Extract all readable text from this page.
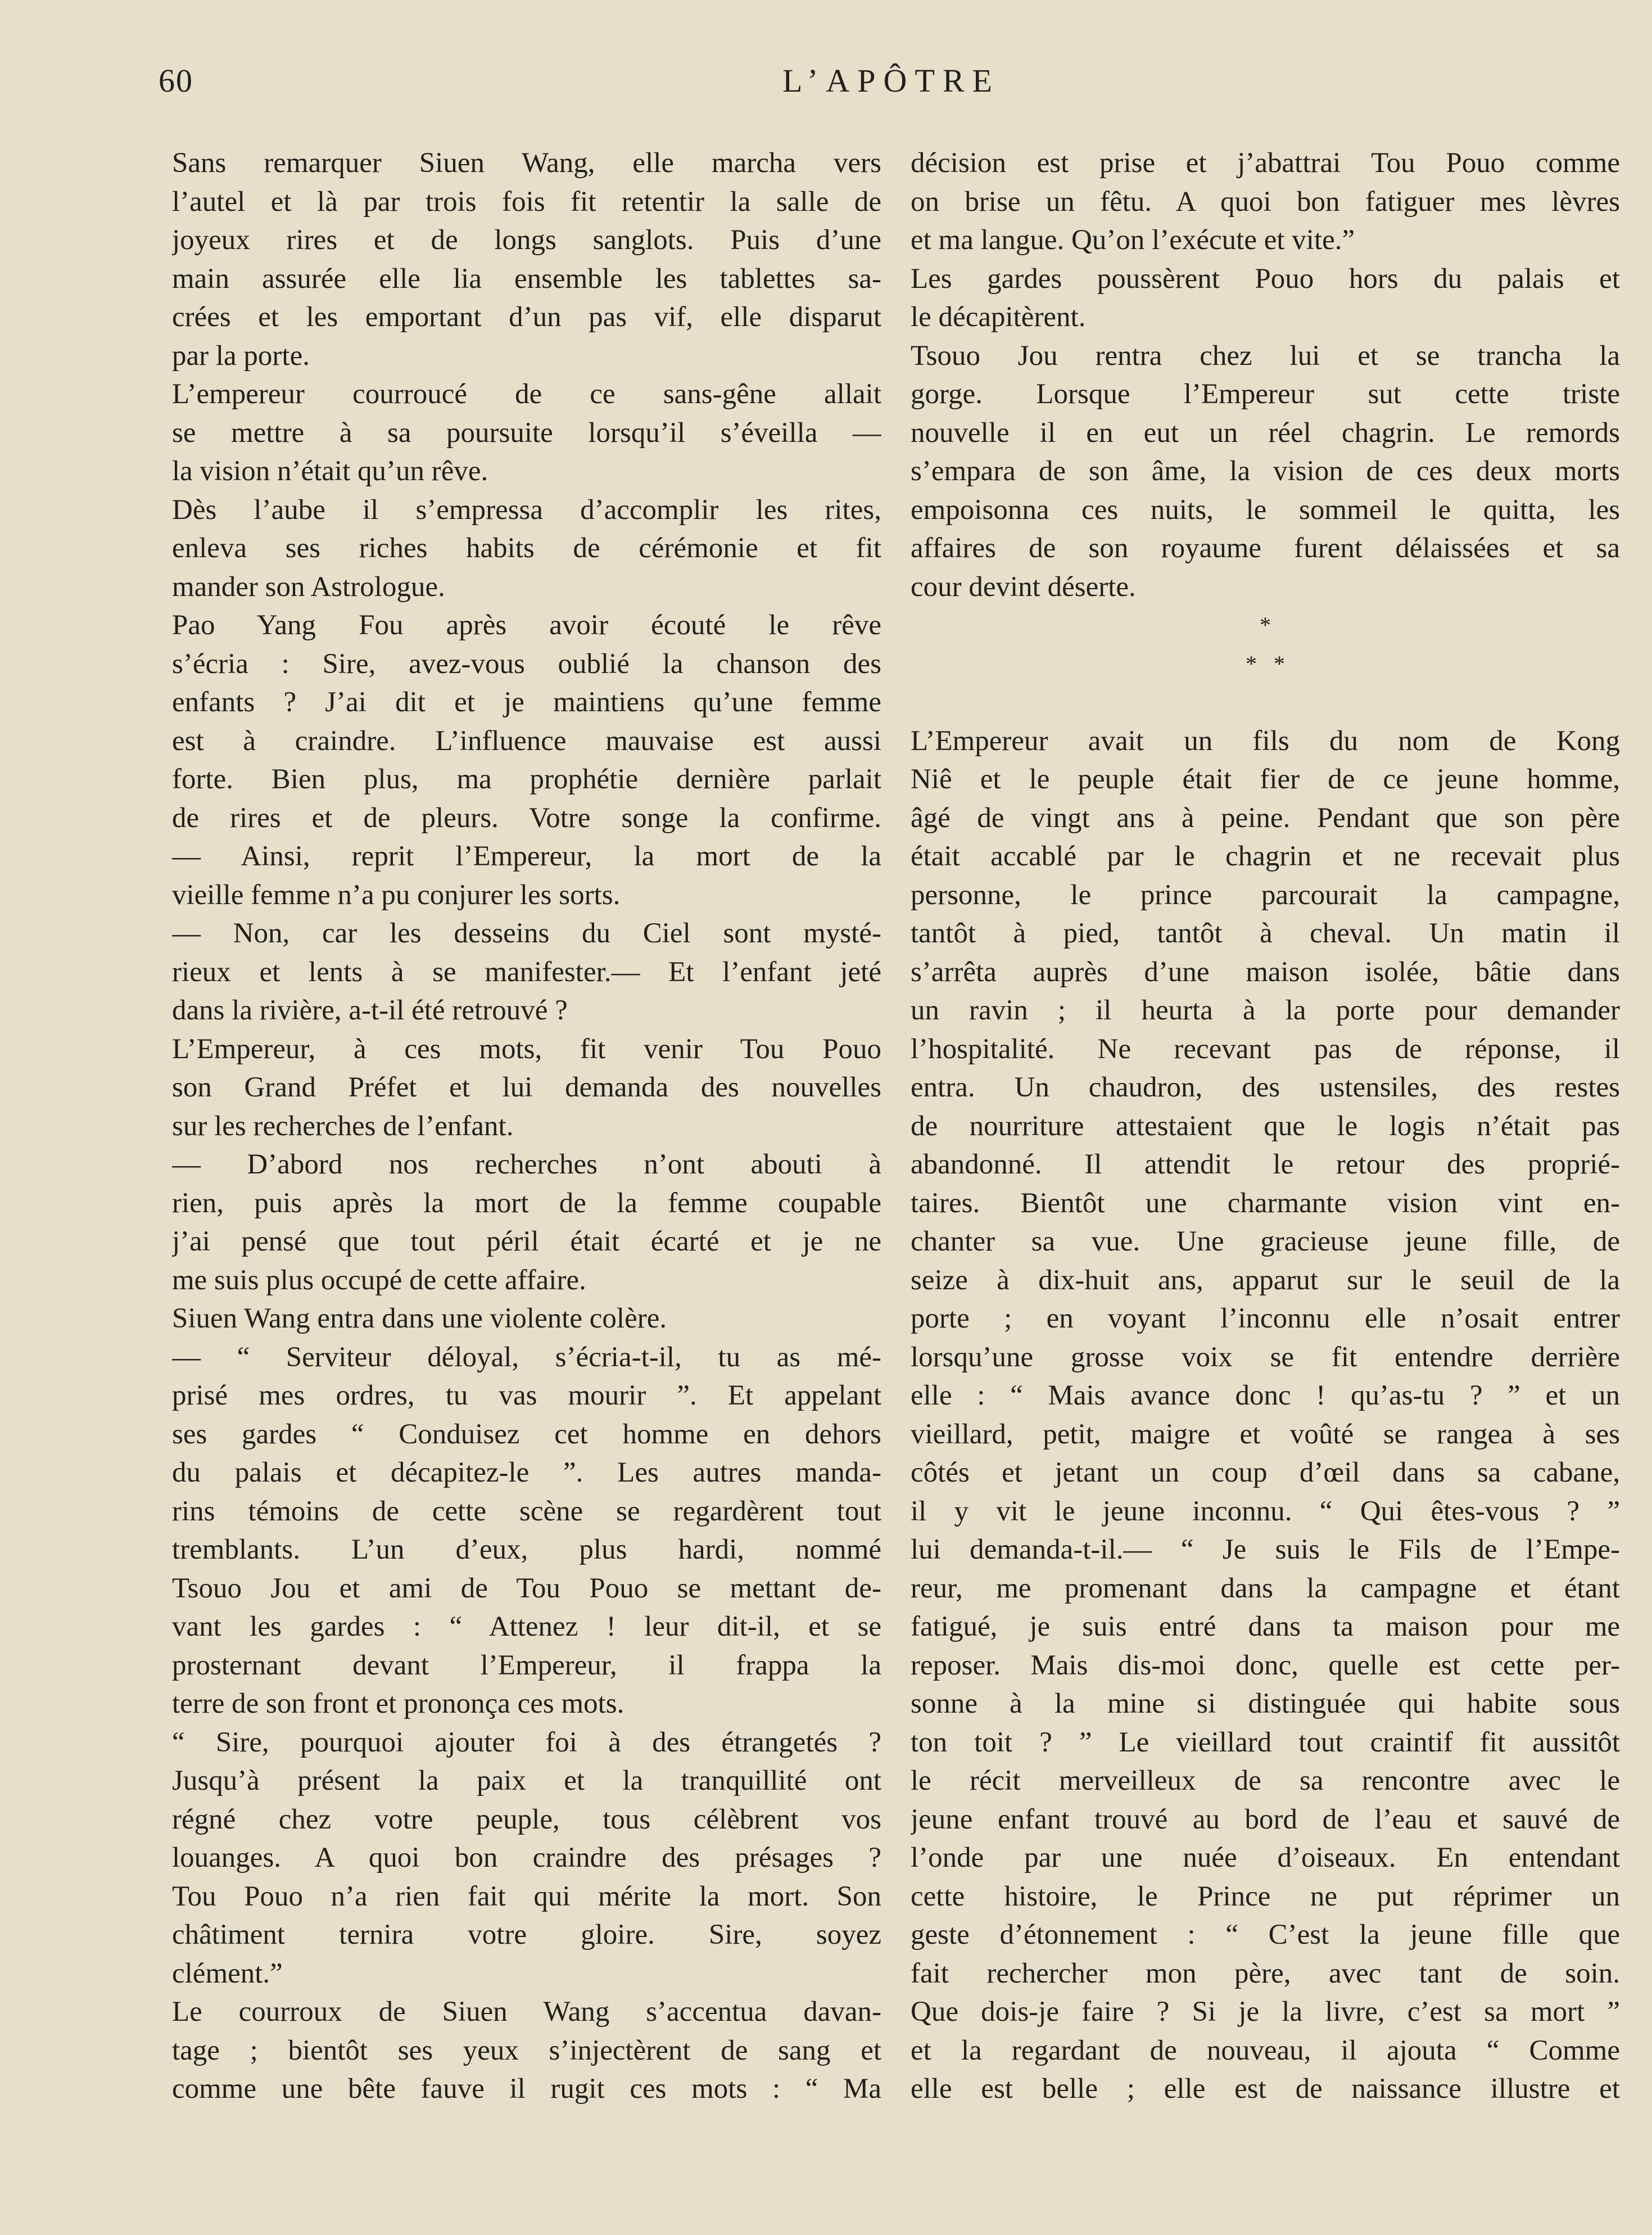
60	L’APÔTRE
Sans remarquer Siuen Wang, elle marcha vers
l’autel et là par trois fois fit retentir la salle de
joyeux rires et de longs sanglots. Puis d’une
main assurée elle lia ensemble les tablettes sa-
crées et les emportant d’un pas vif, elle disparut
par la porte.
L’empereur courroucé de ce sans-gêne allait
se mettre à sa poursuite lorsqu’il s’éveilla —
la vision n’était qu’un rêve.
Dès l’aube il s’empressa d’accomplir les rites,
enleva ses riches habits de cérémonie et fit
mander son Astrologue.
Pao Yang Fou après avoir écouté le rêve
s’écria : Sire, avez-vous oublié la chanson des
enfants ? J’ai dit et je maintiens qu’une femme
est à craindre. L’influence mauvaise est aussi
forte. Bien plus, ma prophétie dernière parlait
de rires et de pleurs. Votre songe la confirme.
— Ainsi, reprit l’Empereur, la mort de la
vieille femme n’a pu conjurer les sorts.
— Non, car les desseins du Ciel sont mysté-
rieux et lents à se manifester.— Et l’enfant jeté
dans la rivière, a-t-il été retrouvé ?
L’Empereur, à ces mots, fit venir Tou Pouo
son Grand Préfet et lui demanda des nouvelles
sur les recherches de l’enfant.
— D’abord nos recherches n’ont abouti à
rien, puis après la mort de la femme coupable
j’ai pensé que tout péril était écarté et je ne
me suis plus occupé de cette affaire.
Siuen Wang entra dans une violente colère.
— “ Serviteur déloyal, s’écria-t-il, tu as mé-
prisé mes ordres, tu vas mourir ”. Et appelant
ses gardes “ Conduisez cet homme en dehors
du palais et décapitez-le ”. Les autres manda-
rins témoins de cette scène se regardèrent tout
tremblants. L’un d’eux, plus hardi, nommé
Tsouo Jou et ami de Tou Pouo se mettant de-
vant les gardes : “ Attenez ! leur dit-il, et se
prosternant devant l’Empereur, il frappa la
terre de son front et prononça ces mots.
“ Sire, pourquoi ajouter foi à des étrangetés ?
Jusqu’à présent la paix et la tranquillité ont
régné chez votre peuple, tous célèbrent vos
louanges. A quoi bon craindre des présages ?
Tou Pouo n’a rien fait qui mérite la mort. Son
châtiment ternira votre gloire. Sire, soyez
clément.”
Le courroux de Siuen Wang s’accentua davan-
tage ; bientôt ses yeux s’injectèrent de sang et
comme une bête fauve il rugit ces mots : “ Ma
décision est prise et j’abattrai Tou Pouo comme
on brise un fêtu. A quoi bon fatiguer mes lèvres
et ma langue. Qu’on l’exécute et vite.”
Les gardes poussèrent Pouo hors du palais et
le décapitèrent.
Tsouo Jou rentra chez lui et se trancha la
gorge. Lorsque l’Empereur sut cette triste
nouvelle il en eut un réel chagrin. Le remords
s’empara de son âme, la vision de ces deux morts
empoisonna ces nuits, le sommeil le quitta, les
affaires de son royaume furent délaissées et sa
cour devint déserte.
*
*   *
L’Empereur avait un fils du nom de Kong
Niê et le peuple était fier de ce jeune homme,
âgé de vingt ans à peine. Pendant que son père
était accablé par le chagrin et ne recevait plus
personne, le prince parcourait la campagne,
tantôt à pied, tantôt à cheval. Un matin il
s’arrêta auprès d’une maison isolée, bâtie dans
un ravin ; il heurta à la porte pour demander
l’hospitalité. Ne recevant pas de réponse, il
entra. Un chaudron, des ustensiles, des restes
de nourriture attestaient que le logis n’était pas
abandonné. Il attendit le retour des proprié-
taires. Bientôt une charmante vision vint en-
chanter sa vue. Une gracieuse jeune fille, de
seize à dix-huit ans, apparut sur le seuil de la
porte ; en voyant l’inconnu elle n’osait entrer
lorsqu’une grosse voix se fit entendre derrière
elle : “ Mais avance donc ! qu’as-tu ? ” et un
vieillard, petit, maigre et voûté se rangea à ses
côtés et jetant un coup d’œil dans sa cabane,
il y vit le jeune inconnu. “ Qui êtes-vous ? ”
lui demanda-t-il.— “ Je suis le Fils de l’Empe-
reur, me promenant dans la campagne et étant
fatigué, je suis entré dans ta maison pour me
reposer. Mais dis-moi donc, quelle est cette per-
sonne à la mine si distinguée qui habite sous
ton toit ? ” Le vieillard tout craintif fit aussitôt
le récit merveilleux de sa rencontre avec le
jeune enfant trouvé au bord de l’eau et sauvé de
l’onde par une nuée d’oiseaux. En entendant
cette histoire, le Prince ne put réprimer un
geste d’étonnement : “ C’est la jeune fille que
fait rechercher mon père, avec tant de soin.
Que dois-je faire ? Si je la livre, c’est sa mort ”
et la regardant de nouveau, il ajouta “ Comme
elle est belle ; elle est de naissance illustre et
